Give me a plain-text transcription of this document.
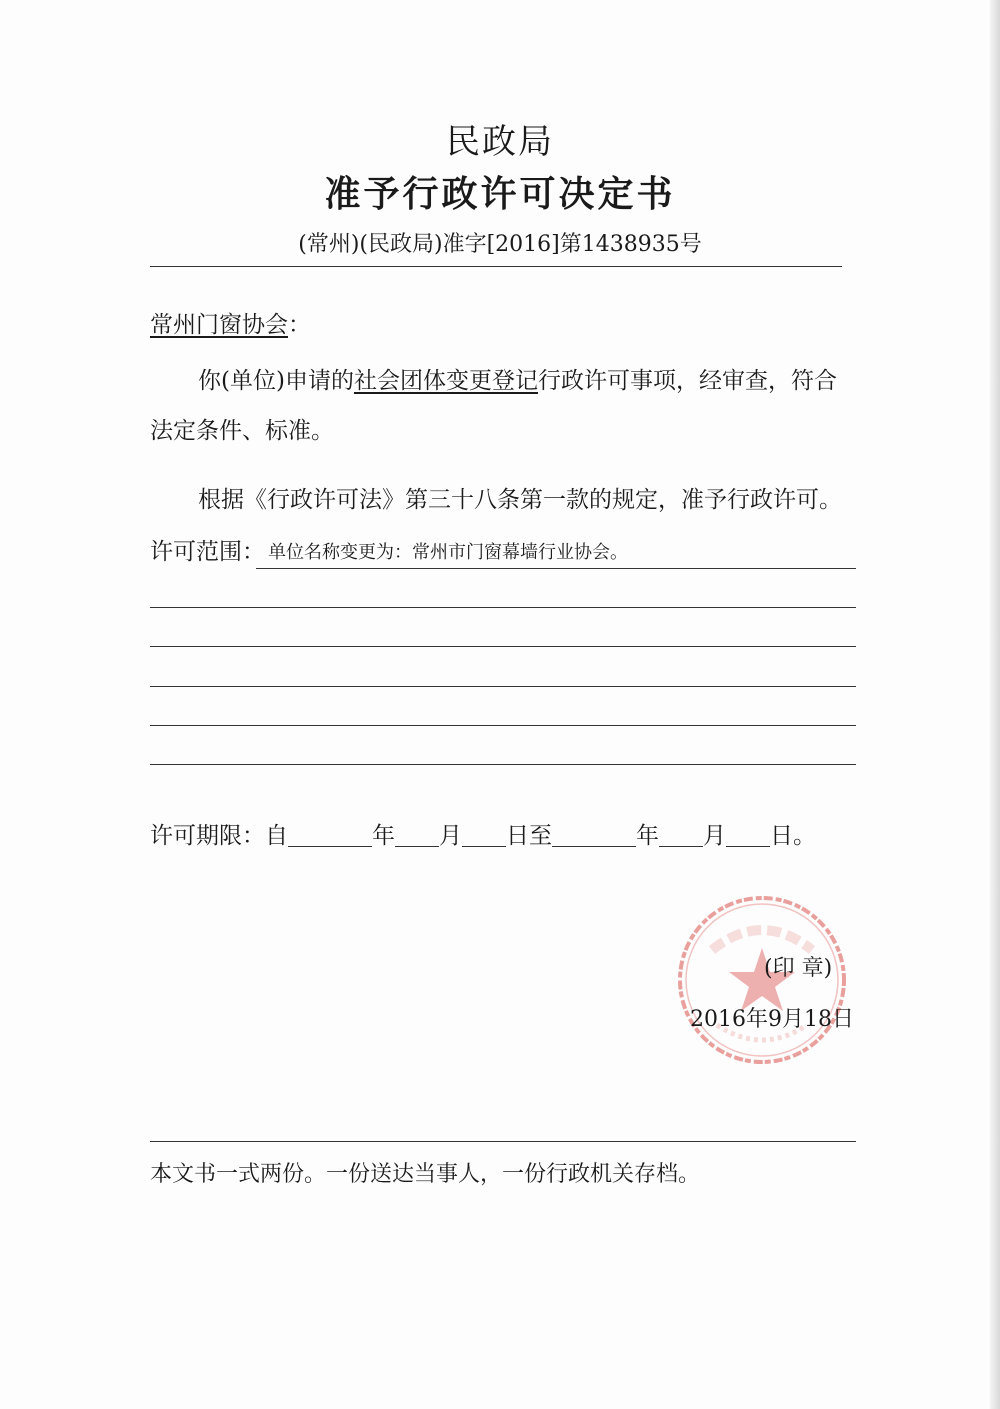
民政局
准予行政许可决定书
(常州)(民政局)准字[2016]第1438935号
常州门窗协会：
你(单位)申请的社会团体变更登记行政许可事项，经审查，符合
法定条件、标准。
根据《行政许可法》第三十八条第一款的规定，准予行政许可。
许可范围： 单位名称变更为：常州市门窗幕墙行业协会。
许可期限：自	年 月 日至	年 月 日。
(印 章)
2016年9月18日
本文书一式两份。一份送达当事人，一份行政机关存档。
